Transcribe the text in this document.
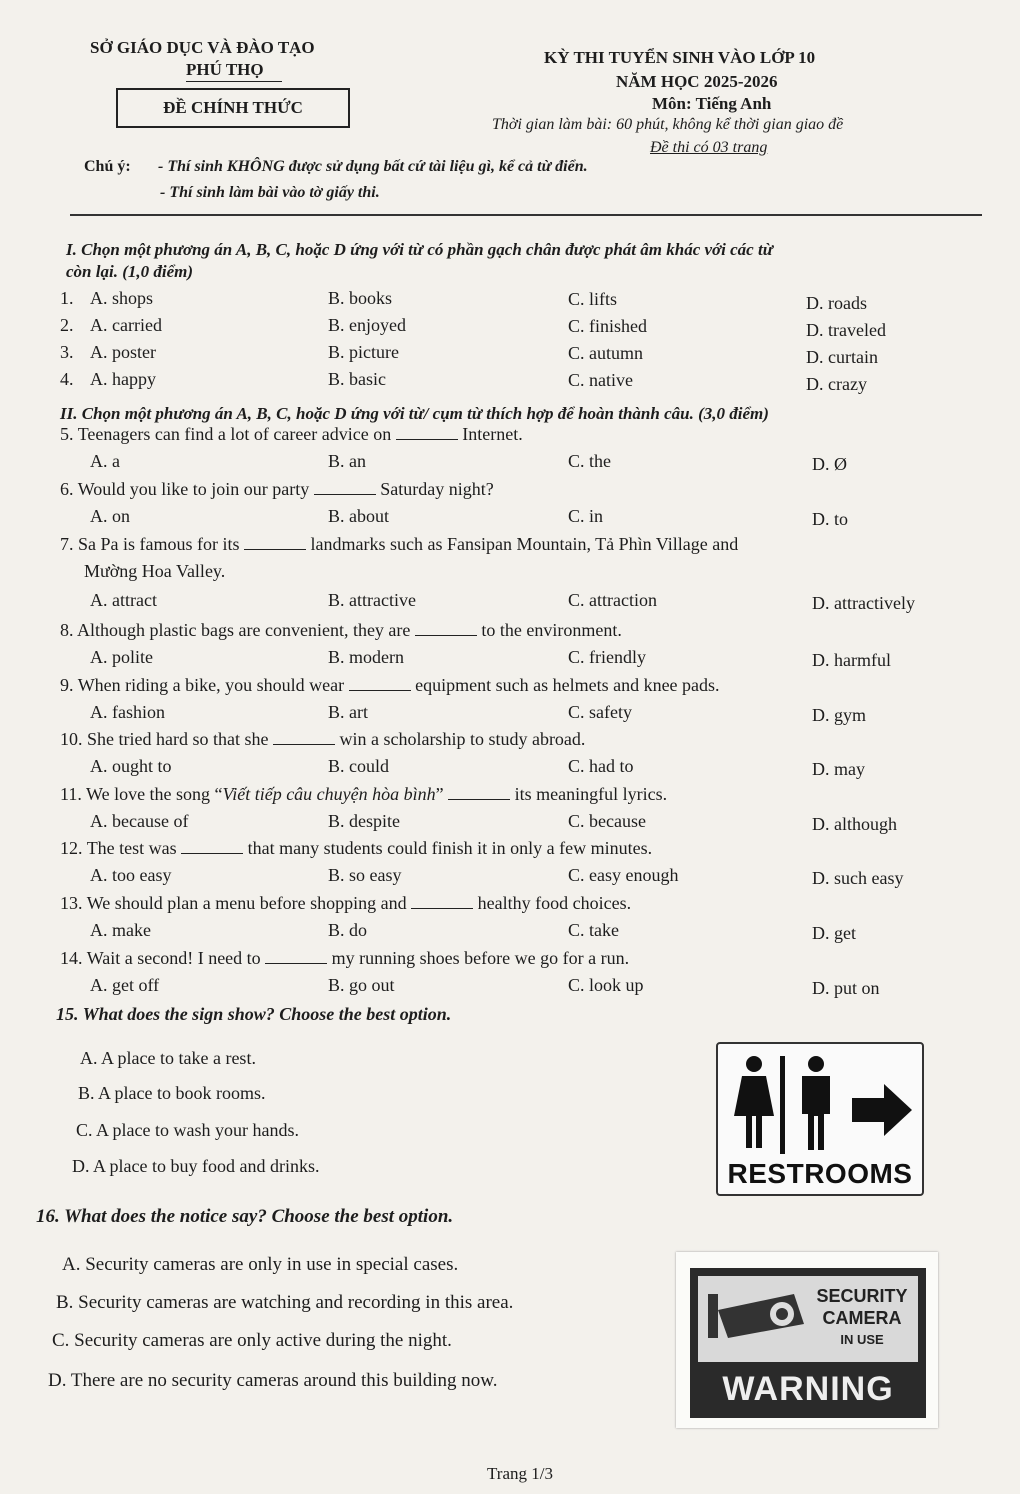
SỞ GIÁO DỤC VÀ ĐÀO TẠO
PHÚ THỌ
ĐỀ CHÍNH THỨC
KỲ THI TUYỂN SINH VÀO LỚP 10
NĂM HỌC 2025-2026
Môn: Tiếng Anh
Thời gian làm bài: 60 phút, không kể thời gian giao đề
Đề thi có 03 trang
Chú ý: - Thí sinh KHÔNG được sử dụng bất cứ tài liệu gì, kể cả từ điển.
- Thí sinh làm bài vào tờ giấy thi.
I. Chọn một phương án A, B, C, hoặc D ứng với từ có phần gạch chân được phát âm khác với các từ
còn lại. (1,0 điểm)
1. A. shops	B. books	C. lifts	D. roads
2. A. carried	B. enjoyed	C. finished	D. traveled
3. A. poster	B. picture	C. autumn	D. curtain
4. A. happy	B. basic	C. native	D. crazy
II. Chọn một phương án A, B, C, hoặc D ứng với từ/ cụm từ thích hợp để hoàn thành câu. (3,0 điểm)
5. Teenagers can find a lot of career advice on	Internet.
A. a	B. an	C. the	D. Ø
6. Would you like to join our party	Saturday night?
A. on	B. about	C. in	D. to
7. Sa Pa is famous for its	landmarks such as Fansipan Mountain, Tả Phìn Village and
Mường Hoa Valley.
A. attract	B. attractive	C. attraction	D. attractively
8. Although plastic bags are convenient, they are	to the environment.
A. polite	B. modern	C. friendly	D. harmful
9. When riding a bike, you should wear	equipment such as helmets and knee pads.
A. fashion	B. art	C. safety	D. gym
10. She tried hard so that she	win a scholarship to study abroad.
A. ought to	B. could	C. had to	D. may
11. We love the song “Viết tiếp câu chuyện hòa bình”	its meaningful lyrics.
A. because of	B. despite	C. because	D. although
12. The test was	that many students could finish it in only a few minutes.
A. too easy	B. so easy	C. easy enough	D. such easy
13. We should plan a menu before shopping and	healthy food choices.
A. make	B. do	C. take	D. get
14. Wait a second! I need to	my running shoes before we go for a run.
A. get off	B. go out	C. look up	D. put on
15. What does the sign show? Choose the best option.
A. A place to take a rest.
B. A place to book rooms.
C. A place to wash your hands.
D. A place to buy food and drinks.	RESTROOMS
16. What does the notice say? Choose the best option.
A. Security cameras are only in use in special cases.
B. Security cameras are watching and recording in this area.
C. Security cameras are only active during the night.
D. There are no security cameras around this building now.
SECURITY
CAMERA
IN USE
WARNING
Trang 1/3
